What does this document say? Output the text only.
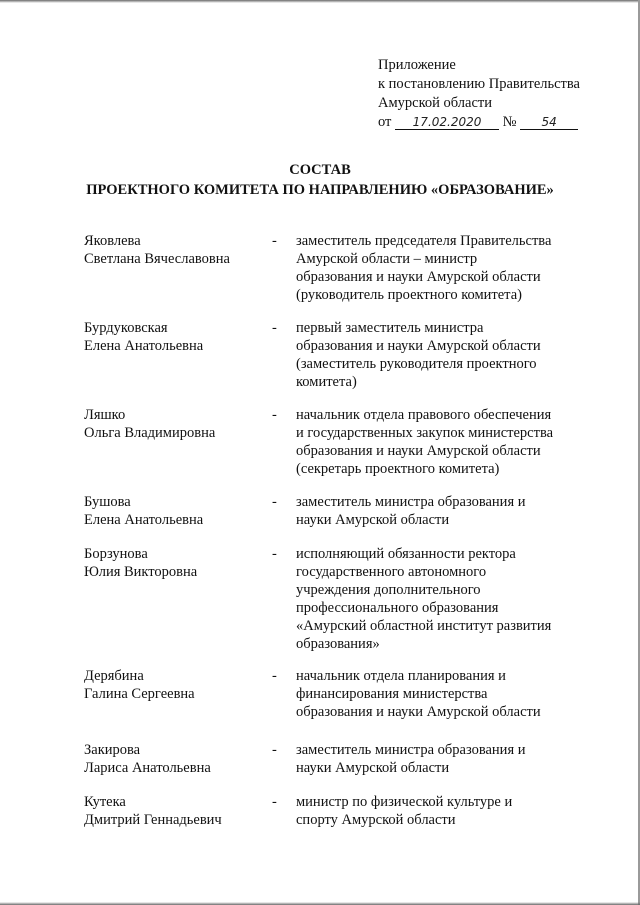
Приложение
к постановлению Правительства
Амурской области
от 17.02.2020 № 54
СОСТАВ
ПРОЕКТНОГО КОМИТЕТА ПО НАПРАВЛЕНИЮ «ОБРАЗОВАНИЕ»
Яковлева
Светлана Вячеславовна
-	заместитель председателя Правительства
Амурской области – министр
образования и науки Амурской области
(руководитель проектного комитета)
Бурдуковская
Елена Анатольевна
-	первый заместитель министра
образования и науки Амурской области
(заместитель руководителя проектного
комитета)
Ляшко
Ольга Владимировна
-	начальник отдела правового обеспечения
и государственных закупок министерства
образования и науки Амурской области
(секретарь проектного комитета)
Бушова
Елена Анатольевна
-	заместитель министра образования и
науки Амурской области
Борзунова
Юлия Викторовна
-	исполняющий обязанности ректора
государственного автономного
учреждения дополнительного
профессионального образования
«Амурский областной институт развития
образования»
Дерябина
Галина Сергеевна
-	начальник отдела планирования и
финансирования министерства
образования и науки Амурской области
Закирова
Лариса Анатольевна
-	заместитель министра образования и
науки Амурской области
Кутека
Дмитрий Геннадьевич
-	министр по физической культуре и
спорту Амурской области
